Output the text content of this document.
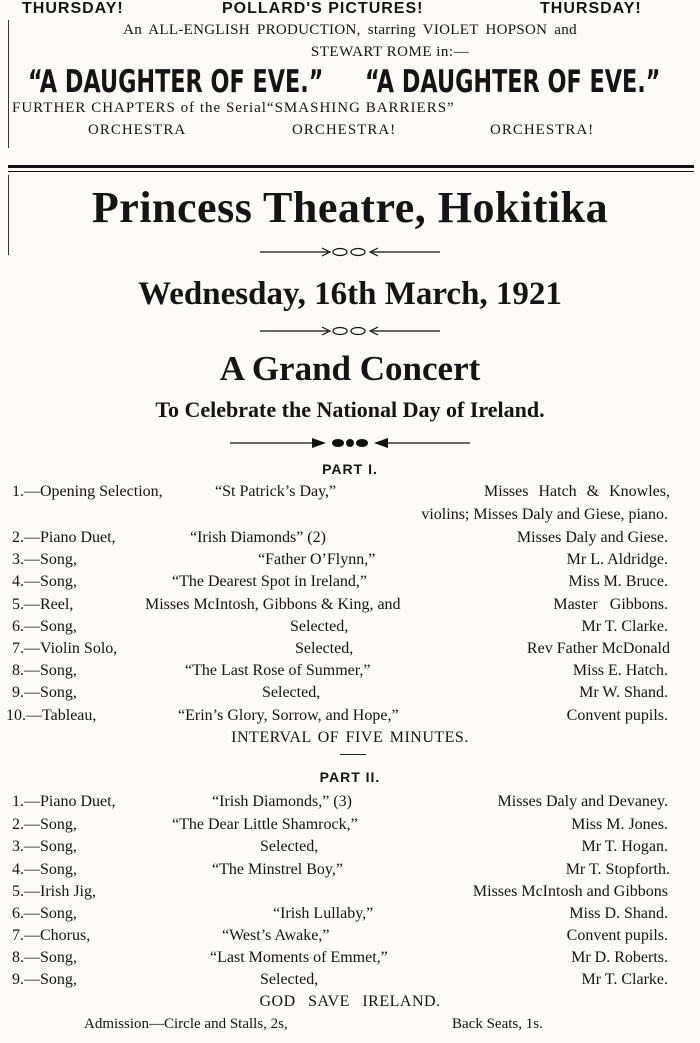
THURSDAY!	POLLARD'S PICTURES!	THURSDAY!
An ALL-ENGLISH PRODUCTION, starring VIOLET HOPSON and
STEWART ROME in:—
“A DAUGHTER OF EVE.”	“A DAUGHTER OF EVE.”
FURTHER CHAPTERS of the Serial“SMASHING BARRIERS”
ORCHESTRA	ORCHESTRA!	ORCHESTRA!
Princess Theatre, Hokitika
Wednesday, 16th March, 1921
A Grand Concert
To Celebrate the National Day of Ireland.
PART I.
1.—Opening Selection,	“St Patrick’s Day,”	Misses Hatch & Knowles,
violins; Misses Daly and Giese, piano.
2.—Piano Duet,	“Irish Diamonds” (2)	Misses Daly and Giese.
3.—Song,	“Father O’Flynn,”	Mr L. Aldridge.
4.—Song,	“The Dearest Spot in Ireland,”	Miss M. Bruce.
5.—Reel,	Misses McIntosh, Gibbons & King, and	Master Gibbons.
6.—Song,	Selected,	Mr T. Clarke.
7.—Violin Solo,	Selected,	Rev Father McDonald
8.—Song,	“The Last Rose of Summer,”	Miss E. Hatch.
9.—Song,	Selected,	Mr W. Shand.
10.—Tableau,	“Erin’s Glory, Sorrow, and Hope,”	Convent pupils.
INTERVAL OF FIVE MINUTES.
PART II.
1.—Piano Duet,	“Irish Diamonds,” (3)	Misses Daly and Devaney.
2.—Song,	“The Dear Little Shamrock,”	Miss M. Jones.
3.—Song,	Selected,	Mr T. Hogan.
4.—Song,	“The Minstrel Boy,”	Mr T. Stopforth.
5.—Irish Jig,	Misses McIntosh and Gibbons
6.—Song,	“Irish Lullaby,”	Miss D. Shand.
7.—Chorus,	“West’s Awake,”	Convent pupils.
8.—Song,	“Last Moments of Emmet,”	Mr D. Roberts.
9.—Song,	Selected,	Mr T. Clarke.
GOD SAVE IRELAND.
Admission—Circle and Stalls, 2s,	Back Seats, 1s.
